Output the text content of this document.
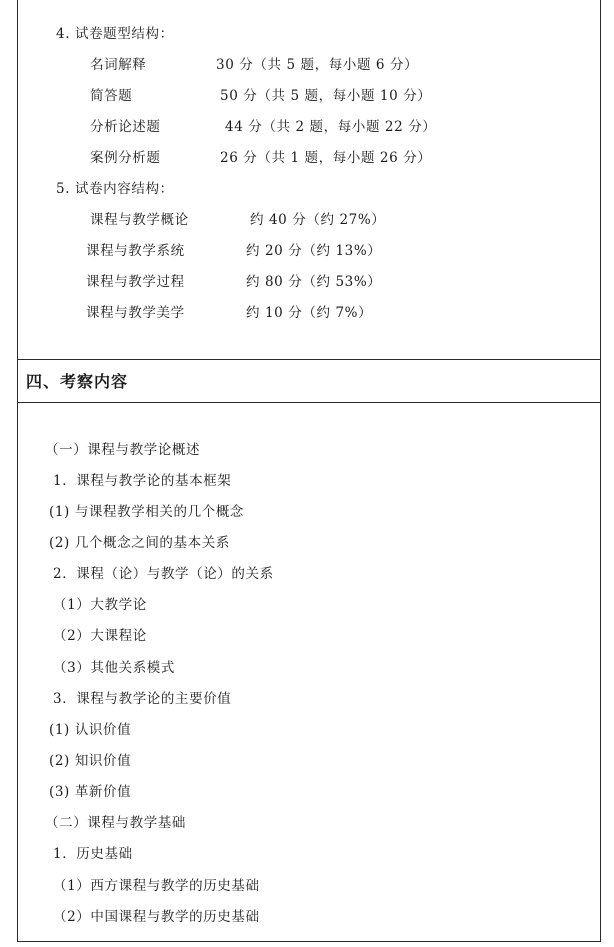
4. 试卷题型结构：
名词解释	30 分（共 5 题，每小题 6 分）
简答题	50 分（共 5 题，每小题 10 分）
分析论述题	44 分（共 2 题，每小题 22 分）
案例分析题	26 分（共 1 题，每小题 26 分）
5. 试卷内容结构：
课程与教学概论	约 40 分（约 27%）
课程与教学系统	约 20 分（约 13%）
课程与教学过程	约 80 分（约 53%）
课程与教学美学	约 10 分（约 7%）
四、考察内容
（一）课程与教学论概述
1．课程与教学论的基本框架
(1) 与课程教学相关的几个概念
(2) 几个概念之间的基本关系
2．课程（论）与教学（论）的关系
（1）大教学论
（2）大课程论
（3）其他关系模式
3．课程与教学论的主要价值
(1) 认识价值
(2) 知识价值
(3) 革新价值
（二）课程与教学基础
1．历史基础
（1）西方课程与教学的历史基础
（2）中国课程与教学的历史基础
